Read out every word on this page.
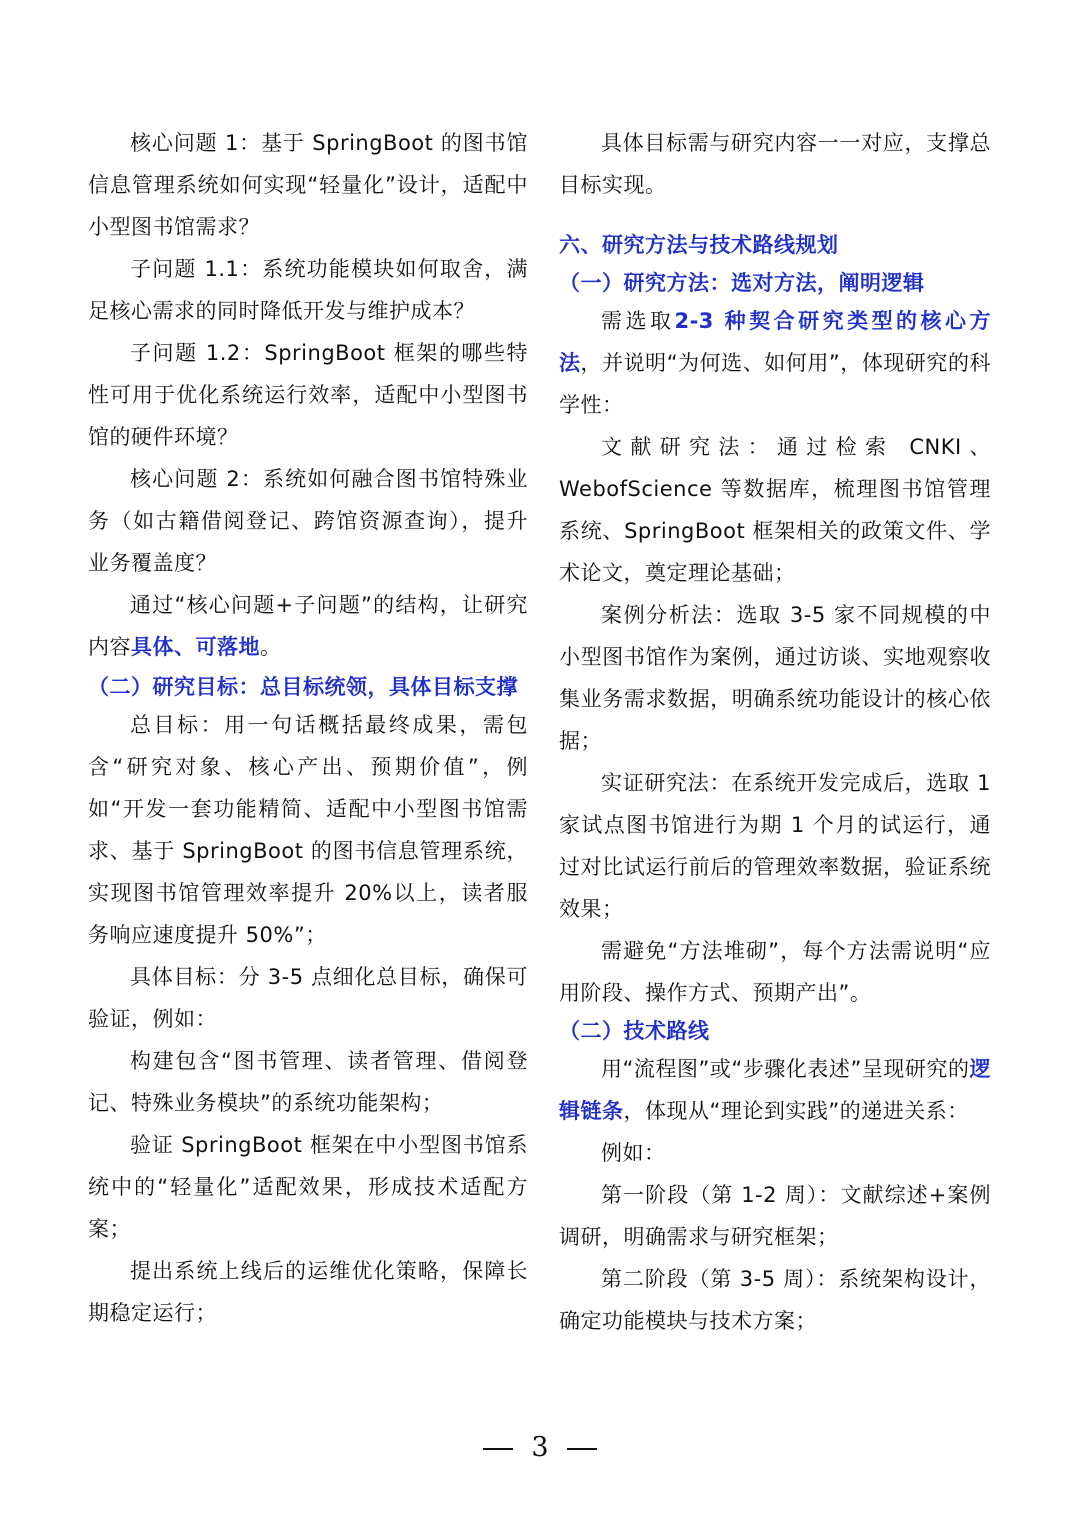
核心问题 1：基于 SpringBoot 的图书馆信息管理系统如何实现“轻量化”设计，适配中小型图书馆需求？

子问题 1.1：系统功能模块如何取舍，满足核心需求的同时降低开发与维护成本？

子问题 1.2：SpringBoot 框架的哪些特性可用于优化系统运行效率，适配中小型图书馆的硬件环境？

核心问题 2：系统如何融合图书馆特殊业务（如古籍借阅登记、跨馆资源查询），提升业务覆盖度？

通过“核心问题+子问题”的结构，让研究内容具体、可落地。

（二）研究目标：总目标统领，具体目标支撑

总目标：用一句话概括最终成果，需包含“研究对象、核心产出、预期价值”，例如“开发一套功能精简、适配中小型图书馆需求、基于 SpringBoot 的图书信息管理系统，实现图书馆管理效率提升 20%以上，读者服务响应速度提升 50%”；

具体目标：分 3-5 点细化总目标，确保可验证，例如：

构建包含“图书管理、读者管理、借阅登记、特殊业务模块”的系统功能架构；

验证 SpringBoot 框架在中小型图书馆系统中的“轻量化”适配效果，形成技术适配方案；

提出系统上线后的运维优化策略，保障长期稳定运行；

具体目标需与研究内容一一对应，支撑总目标实现。

六、研究方法与技术路线规划
（一）研究方法：选对方法，阐明逻辑

需选取2-3 种契合研究类型的核心方法，并说明“为何选、如何用”，体现研究的科学性：

文献研究法：通过检索 CNKI、WebofScience 等数据库，梳理图书馆管理系统、SpringBoot 框架相关的政策文件、学术论文，奠定理论基础；

案例分析法：选取 3-5 家不同规模的中小型图书馆作为案例，通过访谈、实地观察收集业务需求数据，明确系统功能设计的核心依据；

实证研究法：在系统开发完成后，选取 1 家试点图书馆进行为期 1 个月的试运行，通过对比试运行前后的管理效率数据，验证系统效果；

需避免“方法堆砌”，每个方法需说明“应用阶段、操作方式、预期产出”。

（二）技术路线

用“流程图”或“步骤化表述”呈现研究的逻辑链条，体现从“理论到实践”的递进关系：

例如：

第一阶段（第 1-2 周）：文献综述+案例调研，明确需求与研究框架；

第二阶段（第 3-5 周）：系统架构设计，确定功能模块与技术方案；

3
